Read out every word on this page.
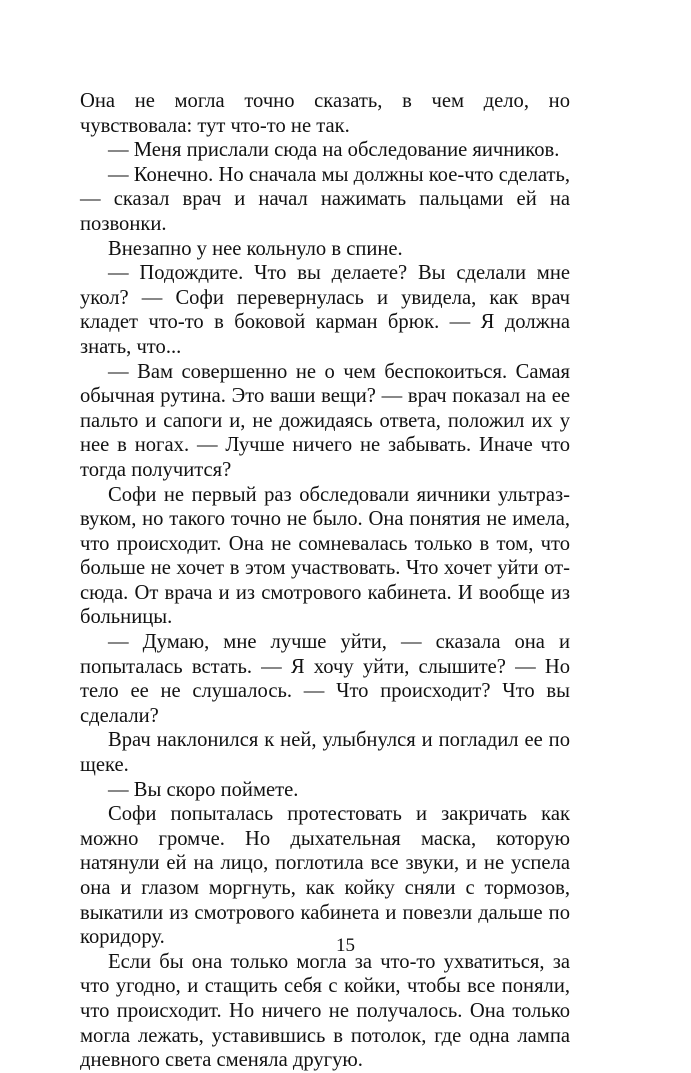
Она не могла точно сказать, в чем дело, но чувствовала: тут что-то не так.

— Меня прислали сюда на обследование яичников.

— Конечно. Но сначала мы должны кое-что сделать, — сказал врач и начал нажимать пальцами ей на позвонки.

Внезапно у нее кольнуло в спине.

— Подождите. Что вы делаете? Вы сделали мне укол? — Софи перевернулась и увидела, как врач кладет что-то в боковой карман брюк. — Я должна знать, что...

— Вам совершенно не о чем беспокоиться. Самая обычная рутина. Это ваши вещи? — врач показал на ее пальто и сапоги и, не дожидаясь ответа, положил их у нее в ногах. — Лучше ничего не забывать. Иначе что тогда получится?

Софи не первый раз обследовали яичники ультразвуком, но такого точно не было. Она понятия не имела, что происходит. Она не сомневалась только в том, что больше не хочет в этом участвовать. Что хочет уйти отсюда. От врача и из смотрового кабинета. И вообще из больницы.

— Думаю, мне лучше уйти, — сказала она и попыталась встать. — Я хочу уйти, слышите? — Но тело ее не слушалось. — Что происходит? Что вы сделали?

Врач наклонился к ней, улыбнулся и погладил ее по щеке.

— Вы скоро поймете.

Софи попыталась протестовать и закричать как можно громче. Но дыхательная маска, которую натянули ей на лицо, поглотила все звуки, и не успела она и глазом моргнуть, как койку сняли с тормозов, выкатили из смотрового кабинета и повезли дальше по коридору.

Если бы она только могла за что-то ухватиться, за что угодно, и стащить себя с койки, чтобы все поняли, что происходит. Но ничего не получалось. Она только могла лежать, уставившись в потолок, где одна лампа дневного света сменяла другую.

15
